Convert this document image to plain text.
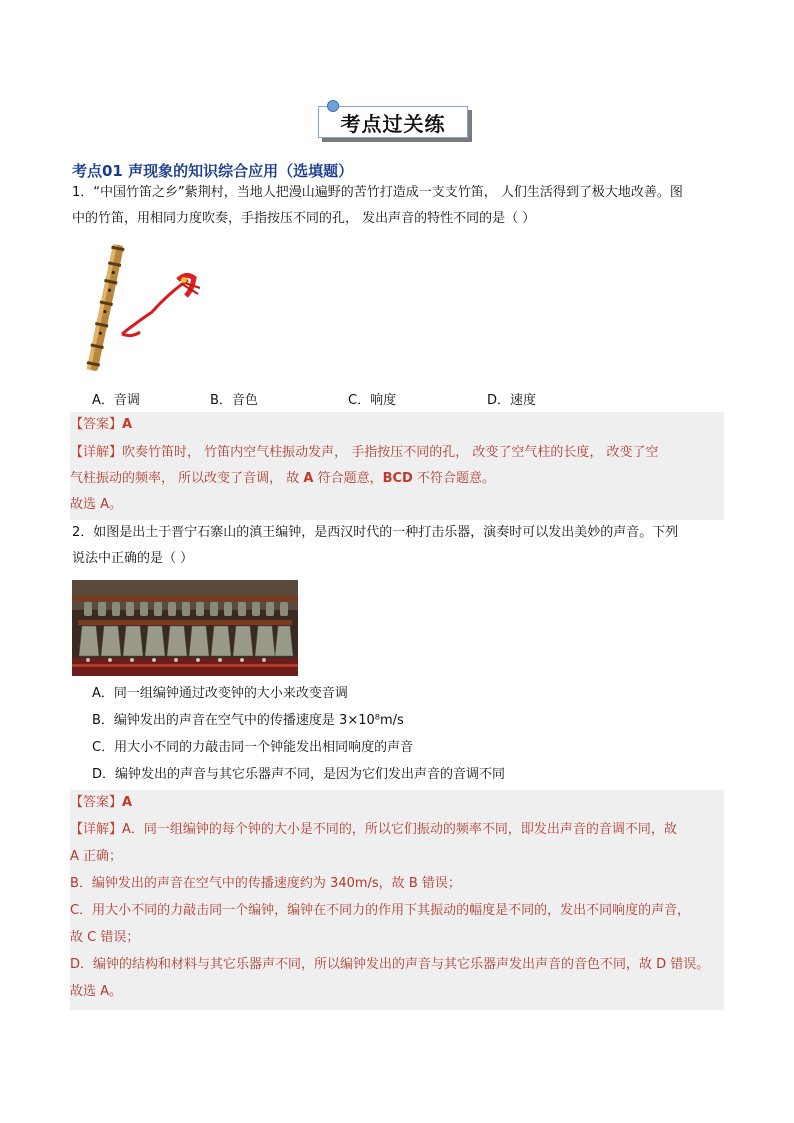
考点过关练
考点01 声现象的知识综合应用（选填题）
1．“中国竹笛之乡”紫荆村，当地人把漫山遍野的苦竹打造成一支支竹笛， 人们生活得到了极大地改善。图
中的竹笛，用相同力度吹奏，手指按压不同的孔， 发出声音的特性不同的是（ ）
A．音调	B．音色	C．响度	D．速度
【答案】A
【详解】吹奏竹笛时， 竹笛内空气柱振动发声， 手指按压不同的孔， 改变了空气柱的长度， 改变了空
气柱振动的频率， 所以改变了音调， 故 A 符合题意，BCD 不符合题意。
故选 A。
2．如图是出土于晋宁石寨山的滇王编钟，是西汉时代的一种打击乐器，演奏时可以发出美妙的声音。下列
说法中正确的是（ ）
A．同一组编钟通过改变钟的大小来改变音调
B．编钟发出的声音在空气中的传播速度是 3×10⁸m/s
C．用大小不同的力敲击同一个钟能发出相同响度的声音
D．编钟发出的声音与其它乐器声不同，是因为它们发出声音的音调不同
【答案】A
【详解】A．同一组编钟的每个钟的大小是不同的，所以它们振动的频率不同，即发出声音的音调不同，故
A 正确；
B．编钟发出的声音在空气中的传播速度约为 340m/s，故 B 错误；
C．用大小不同的力敲击同一个编钟，编钟在不同力的作用下其振动的幅度是不同的，发出不同响度的声音，
故 C 错误；
D．编钟的结构和材料与其它乐器声不同，所以编钟发出的声音与其它乐器声发出声音的音色不同，故 D 错误。
故选 A。
